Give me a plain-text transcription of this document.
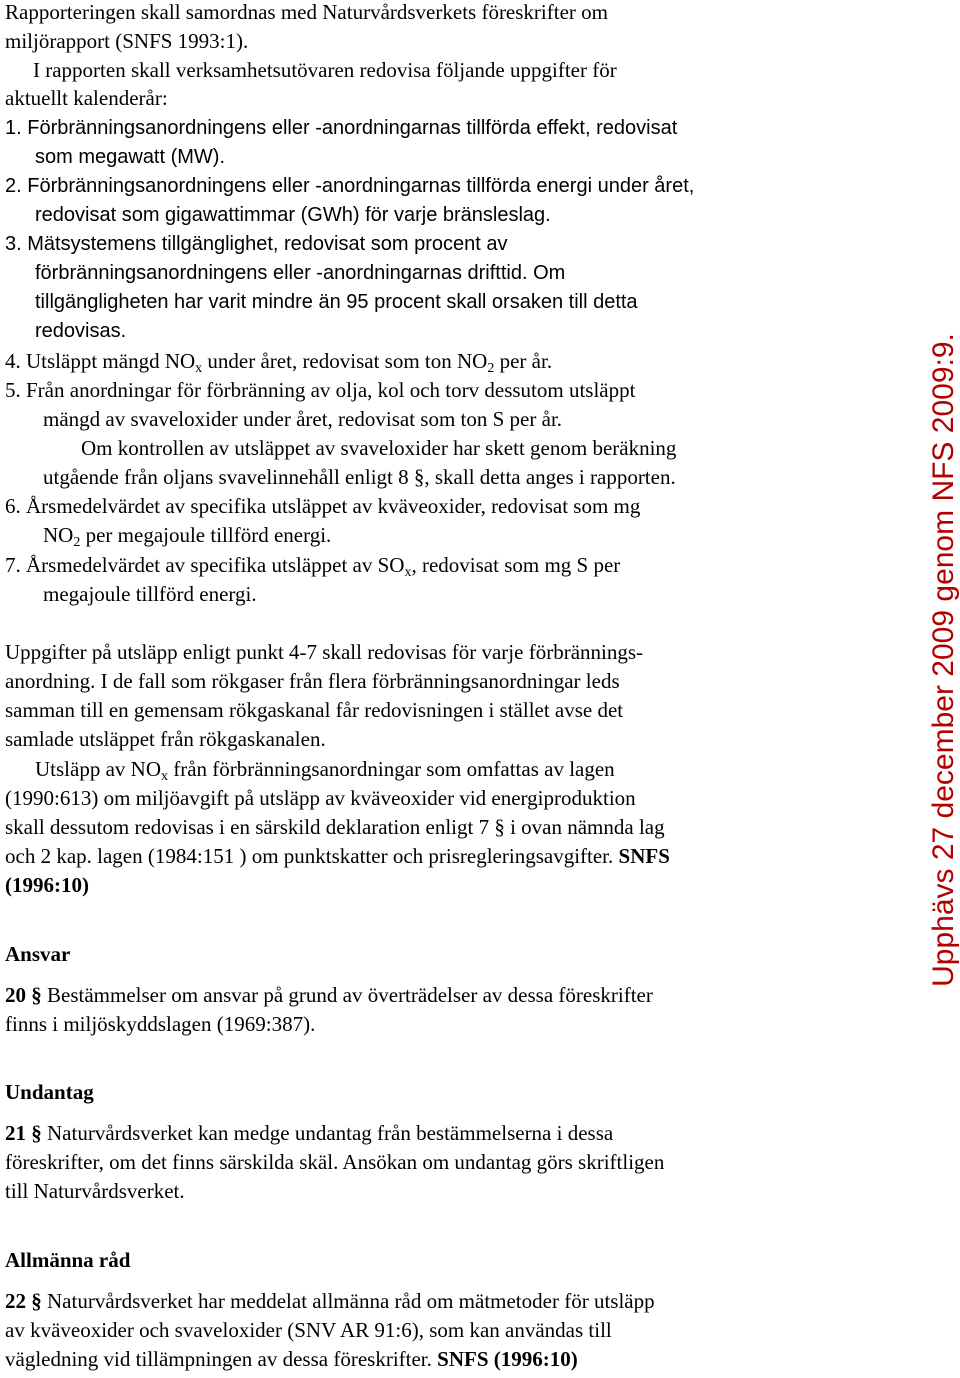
Rapporteringen skall samordnas med Naturvårdsverkets föreskrifter om
miljörapport (SNFS 1993:1).
I rapporten skall verksamhetsutövaren redovisa följande uppgifter för
aktuellt kalenderår:
1. Förbränningsanordningens eller -anordningarnas tillförda effekt, redovisat
som megawatt (MW).
2. Förbränningsanordningens eller -anordningarnas tillförda energi under året,
redovisat som gigawattimmar (GWh) för varje bränsleslag.
3. Mätsystemens tillgänglighet, redovisat som procent av
förbränningsanordningens eller -anordningarnas drifttid. Om
tillgängligheten har varit mindre än 95 procent skall orsaken till detta
redovisas.
4. Utsläppt mängd NOx under året, redovisat som ton NO2 per år.
5. Från anordningar för förbränning av olja, kol och torv dessutom utsläppt
mängd av svaveloxider under året, redovisat som ton S per år.
Om kontrollen av utsläppet av svaveloxider har skett genom beräkning
utgående från oljans svavelinnehåll enligt 8 §, skall detta anges i rapporten.
6. Årsmedelvärdet av specifika utsläppet av kväveoxider, redovisat som mg
NO2 per megajoule tillförd energi.
7. Årsmedelvärdet av specifika utsläppet av SOx, redovisat som mg S per
megajoule tillförd energi.
Uppgifter på utsläpp enligt punkt 4-7 skall redovisas för varje förbrännings-
anordning. I de fall som rökgaser från flera förbränningsanordningar leds
samman till en gemensam rökgaskanal får redovisningen i stället avse det
samlade utsläppet från rökgaskanalen.
Utsläpp av NOx från förbränningsanordningar som omfattas av lagen
(1990:613) om miljöavgift på utsläpp av kväveoxider vid energiproduktion
skall dessutom redovisas i en särskild deklaration enligt 7 § i ovan nämnda lag
och 2 kap. lagen (1984:151 ) om punktskatter och prisregleringsavgifter. SNFS
(1996:10)
Ansvar
20 § Bestämmelser om ansvar på grund av överträdelser av dessa föreskrifter
finns i miljöskyddslagen (1969:387).
Undantag
21 § Naturvårdsverket kan medge undantag från bestämmelserna i dessa
föreskrifter, om det finns särskilda skäl. Ansökan om undantag görs skriftligen
till Naturvårdsverket.
Allmänna råd
22 § Naturvårdsverket har meddelat allmänna råd om mätmetoder för utsläpp
av kväveoxider och svaveloxider (SNV AR 91:6), som kan användas till
vägledning vid tillämpningen av dessa föreskrifter. SNFS (1996:10)
Upphävs 27 december 2009 genom NFS 2009:9.
